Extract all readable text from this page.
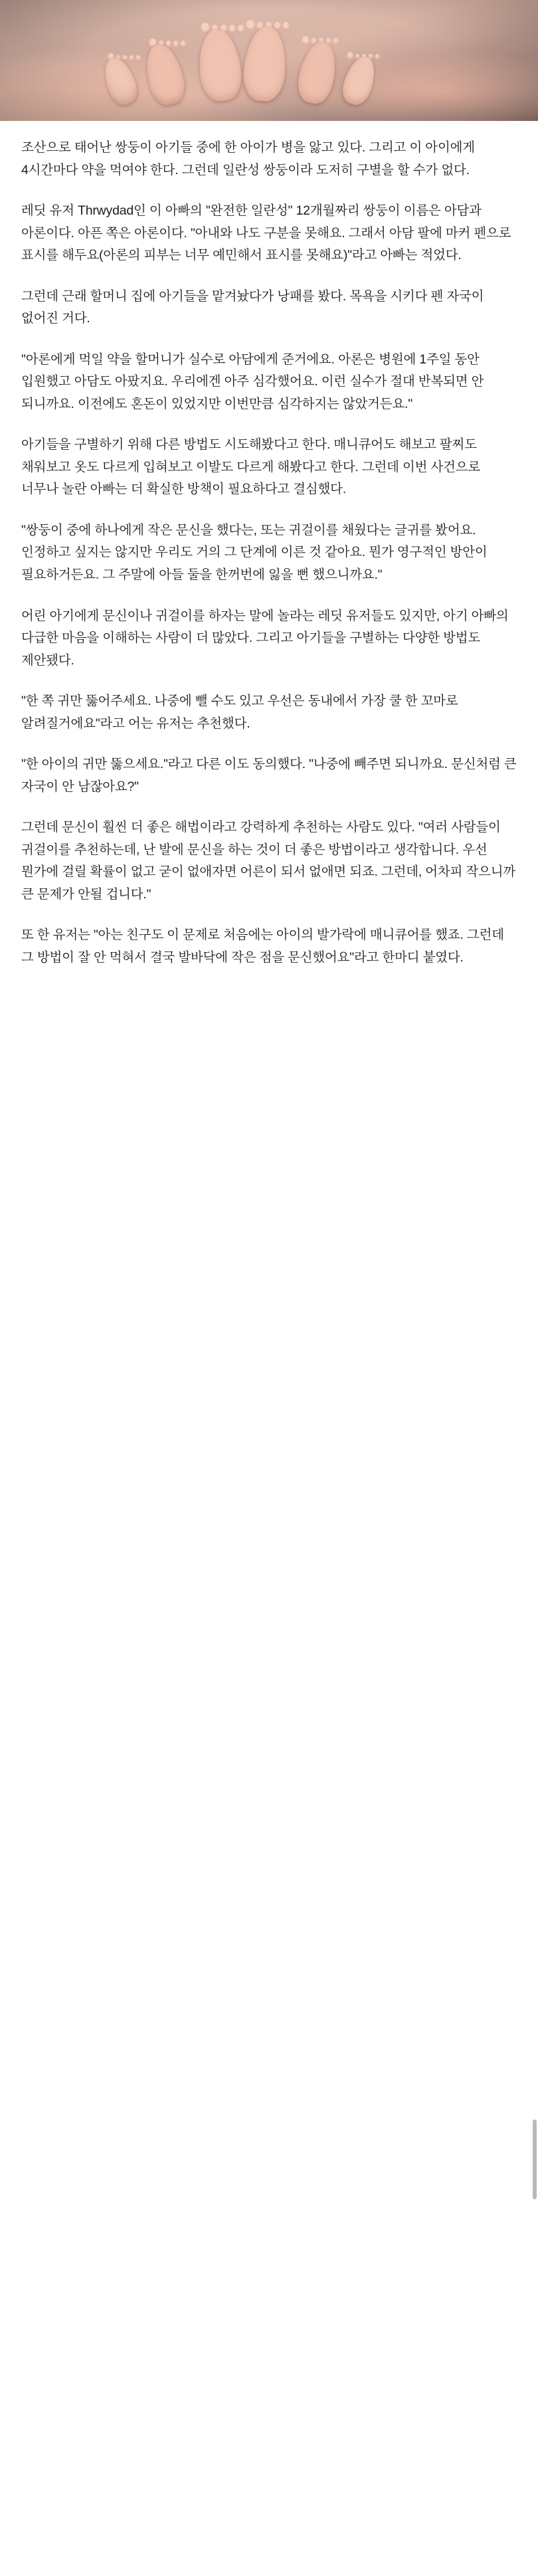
조산으로 태어난 쌍둥이 아기들 중에 한 아이가 병을 앓고 있다. 그리고 이 아이에게 4시간마다 약을 먹여야 한다. 그런데 일란성 쌍둥이라 도저히 구별을 할 수가 없다.

레딧 유저 Thrwydad인 이 아빠의 "완전한 일란성" 12개월짜리 쌍둥이 이름은 아담과 아론이다. 아픈 쪽은 아론이다. "아내와 나도 구분을 못해요. 그래서 아담 팔에 마커 펜으로 표시를 해두요(아론의 피부는 너무 예민해서 표시를 못해요)"라고 아빠는 적었다.

그런데 근래 할머니 집에 아기들을 맡겨놨다가 낭패를 봤다. 목욕을 시키다 펜 자국이 없어진 거다.

"아론에게 먹일 약을 할머니가 실수로 아담에게 준거에요. 아론은 병원에 1주일 동안 입원했고 아담도 아팠지요. 우리에겐 아주 심각했어요. 이런 실수가 절대 반복되면 안 되니까요. 이전에도 혼돈이 있었지만 이번만큼 심각하지는 않았거든요."

아기들을 구별하기 위해 다른 방법도 시도해봤다고 한다. 매니큐어도 해보고 팔찌도 채워보고 옷도 다르게 입혀보고 이발도 다르게 해봤다고 한다. 그런데 이번 사건으로 너무나 놀란 아빠는 더 확실한 방책이 필요하다고 결심했다.

"쌍둥이 중에 하나에게 작은 문신을 했다는, 또는 귀걸이를 채웠다는 글귀를 봤어요. 인정하고 싶지는 않지만 우리도 거의 그 단계에 이른 것 같아요. 뭔가 영구적인 방안이 필요하거든요. 그 주말에 아들 둘을 한꺼번에 잃을 뻔 했으니까요."

어린 아기에게 문신이나 귀걸이를 하자는 말에 놀라는 레딧 유저들도 있지만, 아기 아빠의 다급한 마음을 이해하는 사람이 더 많았다. 그리고 아기들을 구별하는 다양한 방법도 제안됐다.

"한 쪽 귀만 뚫어주세요. 나중에 뺄 수도 있고 우선은 동내에서 가장 쿨 한 꼬마로 알려질거에요"라고 어는 유저는 추천했다.

"한 아이의 귀만 뚫으세요."라고 다른 이도 동의했다. "나중에 빼주면 되니까요. 문신처럼 큰 자국이 안 남잖아요?"

그런데 문신이 훨씬 더 좋은 해법이라고 강력하게 추천하는 사람도 있다. "여러 사람들이 귀걸이를 추천하는데, 난 발에 문신을 하는 것이 더 좋은 방법이라고 생각합니다. 우선 뭔가에 걸릴 확률이 없고 굳이 없애자면 어른이 되서 없애면 되죠. 그런데, 어차피 작으니까 큰 문제가 안될 겁니다."

또 한 유저는 "아는 친구도 이 문제로 처음에는 아이의 발가락에 매니큐어를 했죠. 그런데 그 방법이 잘 안 먹혀서 결국 발바닥에 작은 점을 문신했어요"라고 한마디 붙였다.
